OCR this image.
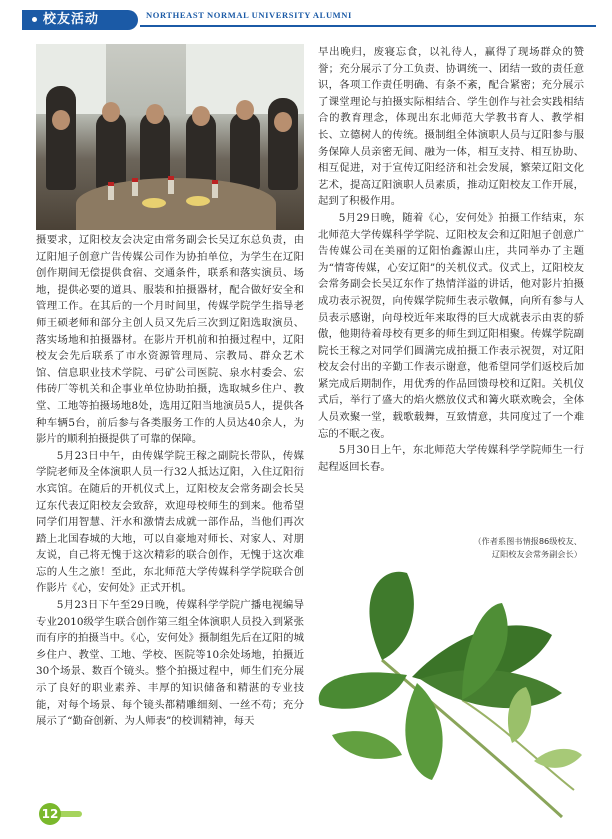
校友活动	NORTHEAST NORMAL UNIVERSITY ALUMNI

摄要求，辽阳校友会决定由常务副会长吴辽东总负责，由辽阳旭子创意广告传媒公司作为协拍单位，为学生在辽阳创作期间无偿提供食宿、交通条件，联系和落实演员、场地，提供必要的道具、服装和拍摄器材，配合做好安全和管理工作。在其后的一个月时间里，传媒学院学生指导老师王硕老师和部分主创人员又先后三次到辽阳选取演员、落实场地和拍摄器材。在影片开机前和拍摄过程中，辽阳校友会先后联系了市水资源管理局、宗教局、群众艺术馆、信息职业技术学院、弓矿公司医院、泉水村委会、宏伟砖厂等机关和企事业单位协助拍摄，选取城乡住户、教堂、工地等拍摄场地8处，选用辽阳当地演员5人，提供各种车辆5台，前后参与各类服务工作的人员达40余人，为影片的顺利拍摄提供了可靠的保障。

5月23日中午，由传媒学院王稼之副院长带队，传媒学院老师及全体演职人员一行32人抵达辽阳，入住辽阳衍水宾馆。在随后的开机仪式上，辽阳校友会常务副会长吴辽东代表辽阳校友会致辞，欢迎母校师生的到来。他希望同学们用智慧、汗水和激情去成就一部作品，当他们再次踏上北国春城的大地，可以自豪地对师长、对家人、对朋友说，自己将无愧于这次精彩的联合创作，无愧于这次难忘的人生之旅！至此，东北师范大学传媒科学学院联合创作影片《心，安何处》正式开机。

5月23日下午至29日晚，传媒科学学院广播电视编导专业2010级学生联合创作第三组全体演职人员投入到紧张而有序的拍摄当中。《心，安何处》摄制组先后在辽阳的城乡住户、教堂、工地、学校、医院等10余处场地，拍摄近30个场景、数百个镜头。整个拍摄过程中，师生们充分展示了良好的职业素养、丰厚的知识储备和精湛的专业技能，对每个场景、每个镜头都精雕细刻、一丝不苟；充分展示了“勤奋创新、为人师表”的校训精神，每天

早出晚归，废寝忘食，以礼待人，赢得了现场群众的赞誉；充分展示了分工负责、协调统一、团结一致的责任意识，各项工作责任明确、有条不紊，配合紧密；充分展示了课堂理论与拍摄实际相结合、学生创作与社会实践相结合的教育理念，体现出东北师范大学教书育人、教学相长、立德树人的传统。摄制组全体演职人员与辽阳参与服务保障人员亲密无间、融为一体，相互支持、相互协助、相互促进，对于宣传辽阳经济和社会发展，繁荣辽阳文化艺术，提高辽阳演职人员素质，推动辽阳校友工作开展，起到了积极作用。

5月29日晚，随着《心，安何处》拍摄工作结束，东北师范大学传媒科学学院、辽阳校友会和辽阳旭子创意广告传媒公司在美丽的辽阳怡鑫源山庄，共同举办了主题为“情寄传媒，心安辽阳”的关机仪式。仪式上，辽阳校友会常务副会长吴辽东作了热情洋溢的讲话，他对影片拍摄成功表示祝贺，向传媒学院师生表示敬佩，向所有参与人员表示感谢，向母校近年来取得的巨大成就表示由衷的骄傲，他期待着母校有更多的师生到辽阳相聚。传媒学院副院长王稼之对同学们圆满完成拍摄工作表示祝贺，对辽阳校友会付出的辛勤工作表示谢意，他希望同学们返校后加紧完成后期制作，用优秀的作品回馈母校和辽阳。关机仪式后，举行了盛大的焰火燃放仪式和篝火联欢晚会，全体人员欢聚一堂，载歌载舞，互致情意，共同度过了一个难忘的不眠之夜。

5月30日上午，东北师范大学传媒科学学院师生一行起程返回长春。

（作者系图书情报86级校友、
辽阳校友会常务副会长）
12
